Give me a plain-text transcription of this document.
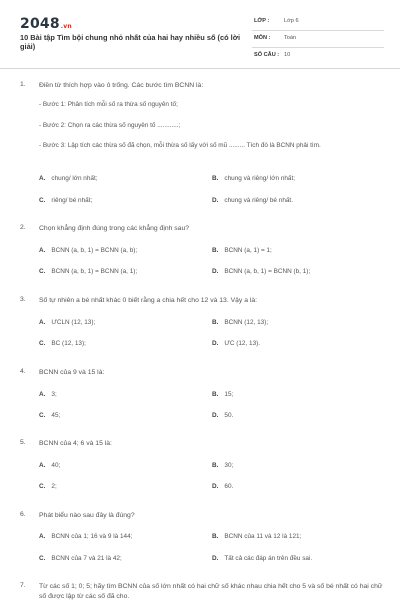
2048.vn
10 Bài tập Tìm bội chung nhỏ nhất của hai hay nhiều số (có lời giải)
LỚP :	Lớp 6
MÔN : Toán
SỐ CÂU : 10
1. Điền từ thích hợp vào ô trống. Các bước tìm BCNN là:
- Bước 1: Phân tích mỗi số ra thừa số nguyên tố;
- Bước 2: Chọn ra các thừa số nguyên tố ............;
- Bước 3: Lập tích các thừa số đã chọn, mỗi thừa số lấy với số mũ ......... Tích đó là BCNN phải tìm.
A. chung/ lớn nhất;	B. chung và riêng/ lớn nhất;
C. riêng/ bé nhất;	D. chung và riêng/ bé nhất.
2. Chọn khẳng định đúng trong các khẳng định sau?
A. BCNN (a, b, 1) = BCNN (a, b);	B. BCNN (a, 1) = 1;
C. BCNN (a, b, 1) = BCNN (a, 1);	D. BCNN (a, b, 1) = BCNN (b, 1);
3. Số tự nhiên a bé nhất khác 0 biết rằng a chia hết cho 12 và 13. Vậy a là:
A. ƯCLN (12, 13);	B. BCNN (12, 13);
C. BC (12, 13);	D. ƯC (12, 13).
4. BCNN của 9 và 15 là:
A. 3;	B. 15;
C. 45;	D. 50.
5. BCNN của 4; 6 và 15 là:
A. 40;	B. 30;
C. 2;	D. 60.
6. Phát biểu nào sau đây là đúng?
A. BCNN của 1; 16 và 9 là 144;	B. BCNN của 11 và 12 là 121;
C. BCNN của 7 và 21 là 42;	D. Tất cả các đáp án trên đều sai.
7. Từ các số 1; 0; 5; hãy tìm BCNN của số lớn nhất có hai chữ số khác nhau chia hết cho 5 và số bé nhất có hai chữ số được lập từ các số đã cho.
